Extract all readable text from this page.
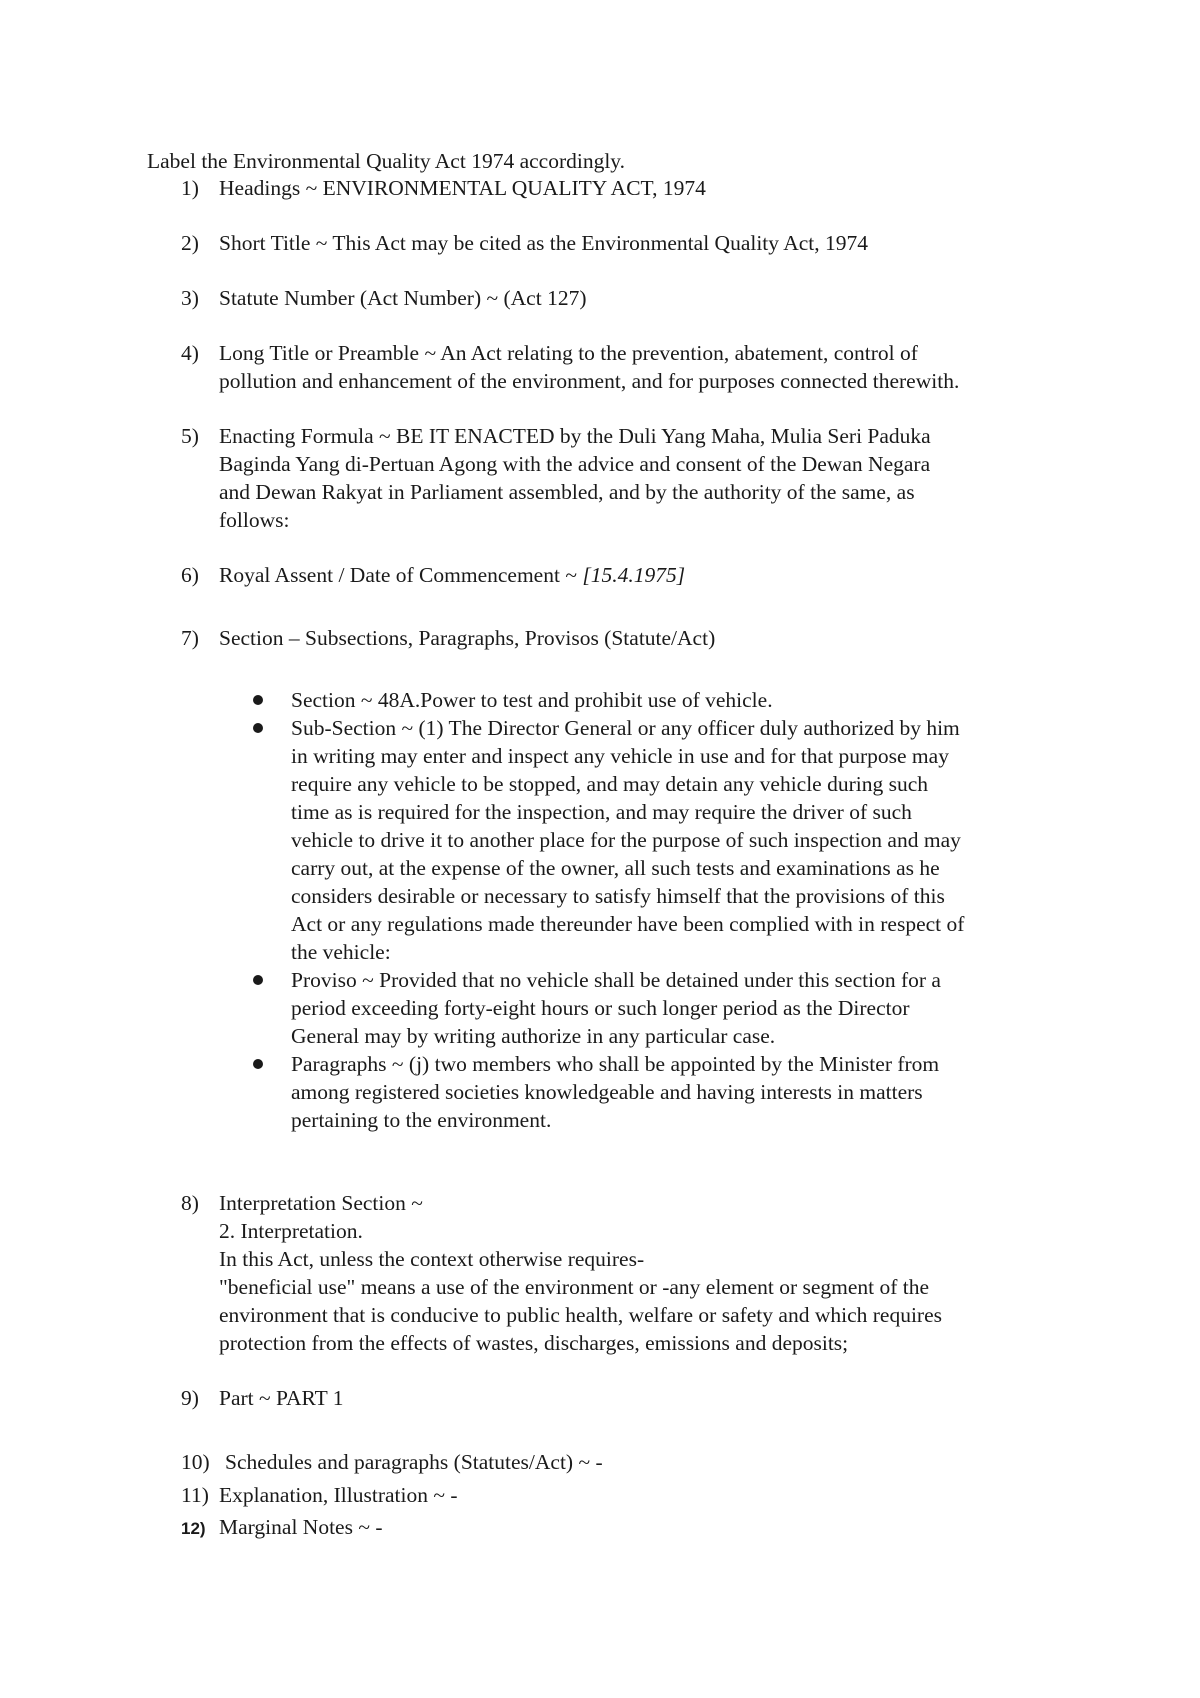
Label the Environmental Quality Act 1974 accordingly.

1) Headings ~ ENVIRONMENTAL QUALITY ACT, 1974

2) Short Title ~ This Act may be cited as the Environmental Quality Act, 1974

3) Statute Number (Act Number) ~ (Act 127)

4) Long Title or Preamble ~ An Act relating to the prevention, abatement, control of

pollution and enhancement of the environment, and for purposes connected therewith.

5) Enacting Formula ~ BE IT ENACTED by the Duli Yang Maha, Mulia Seri Paduka

Baginda Yang di-Pertuan Agong with the advice and consent of the Dewan Negara

and Dewan Rakyat in Parliament assembled, and by the authority of the same, as

follows:

6) Royal Assent / Date of Commencement ~ [15.4.1975]

7) Section – Subsections, Paragraphs, Provisos (Statute/Act)

Section ~ 48A.Power to test and prohibit use of vehicle.

Sub-Section ~ (1) The Director General or any officer duly authorized by him

in writing may enter and inspect any vehicle in use and for that purpose may

require any vehicle to be stopped, and may detain any vehicle during such

time as is required for the inspection, and may require the driver of such

vehicle to drive it to another place for the purpose of such inspection and may

carry out, at the expense of the owner, all such tests and examinations as he

considers desirable or necessary to satisfy himself that the provisions of this

Act or any regulations made thereunder have been complied with in respect of

the vehicle:

Proviso ~ Provided that no vehicle shall be detained under this section for a

period exceeding forty-eight hours or such longer period as the Director

General may by writing authorize in any particular case.

Paragraphs ~ (j) two members who shall be appointed by the Minister from

among registered societies knowledgeable and having interests in matters

pertaining to the environment.

8) Interpretation Section ~

2. Interpretation.

In this Act, unless the context otherwise requires-

"beneficial use" means a use of the environment or -any element or segment of the

environment that is conducive to public health, welfare or safety and which requires

protection from the effects of wastes, discharges, emissions and deposits;

9) Part ~ PART 1

10) Schedules and paragraphs (Statutes/Act) ~ -

11) Explanation, Illustration ~ -

12) Marginal Notes ~ -
